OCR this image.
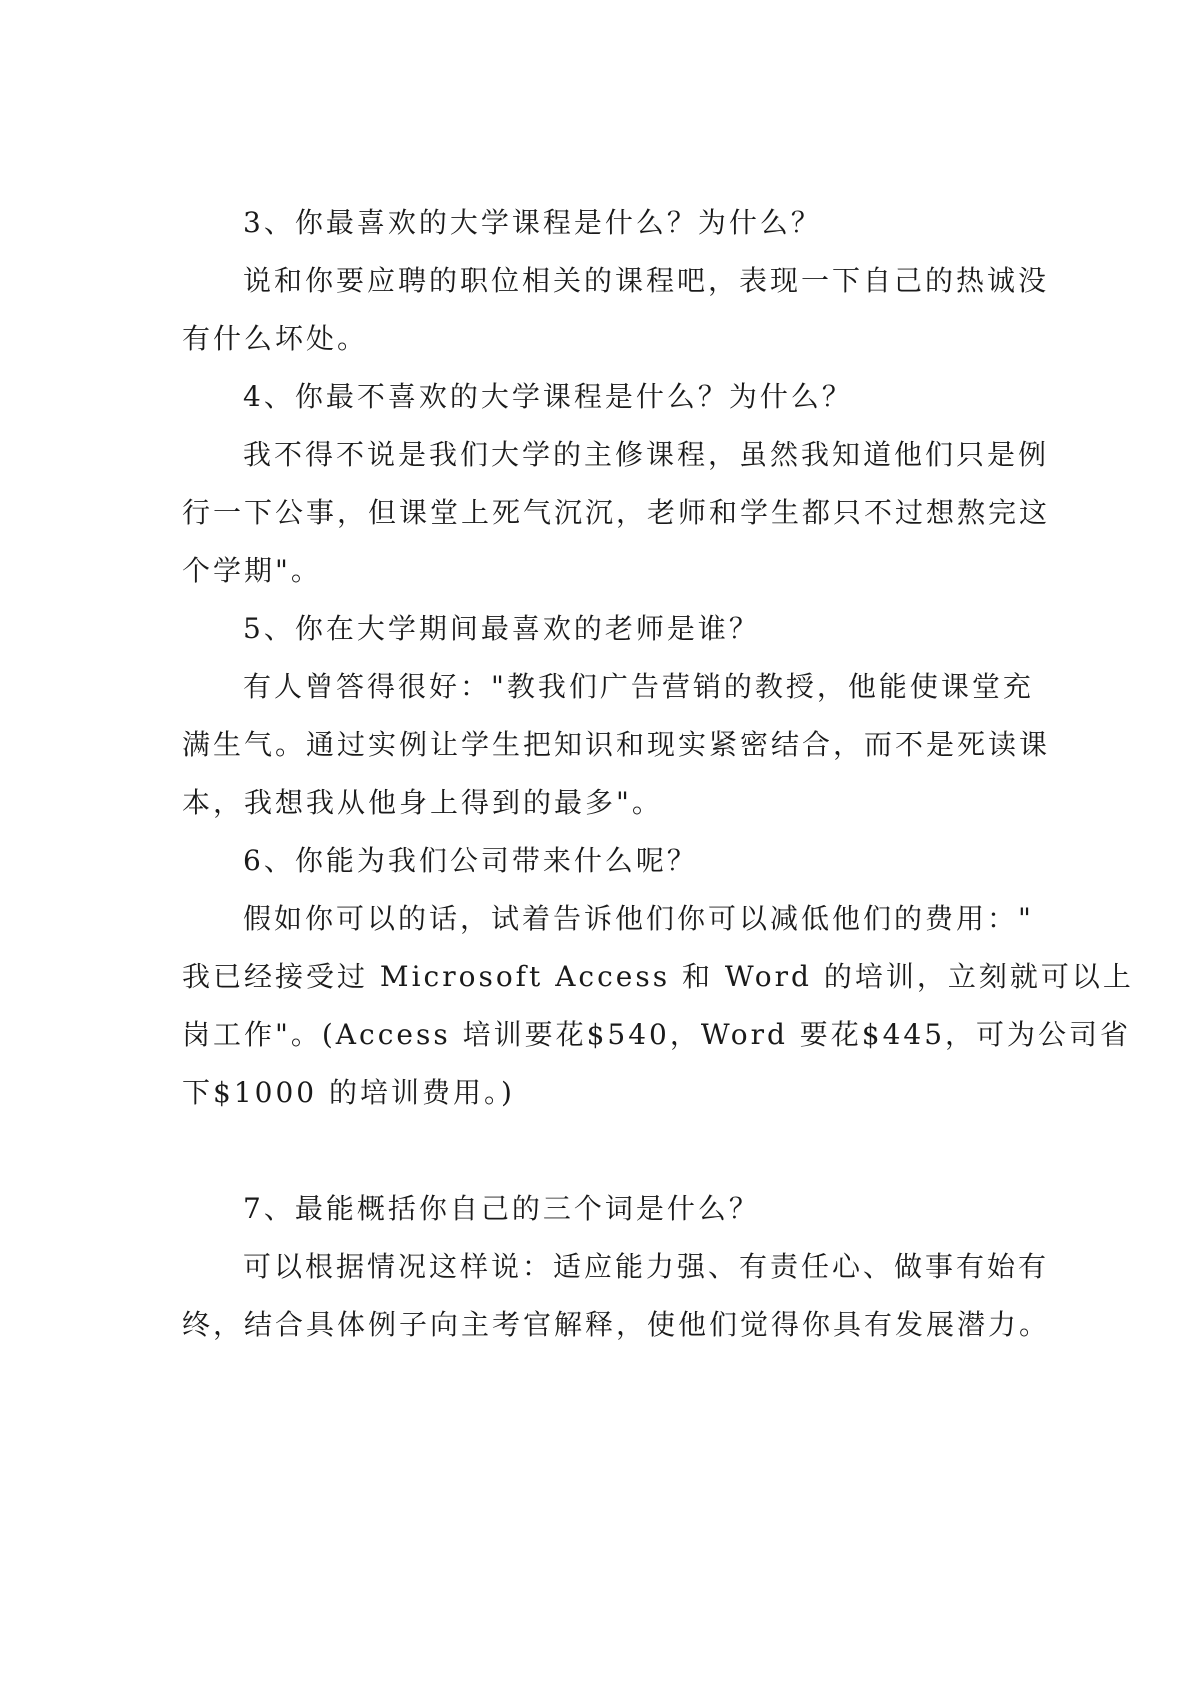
3、你最喜欢的大学课程是什么？为什么？
说和你要应聘的职位相关的课程吧，表现一下自己的热诚没
有什么坏处。
4、你最不喜欢的大学课程是什么？为什么？
我不得不说是我们大学的主修课程，虽然我知道他们只是例
行一下公事，但课堂上死气沉沉，老师和学生都只不过想熬完这
个学期"。
5、你在大学期间最喜欢的老师是谁？
有人曾答得很好："教我们广告营销的教授，他能使课堂充
满生气。通过实例让学生把知识和现实紧密结合，而不是死读课
本，我想我从他身上得到的最多"。
6、你能为我们公司带来什么呢？
假如你可以的话，试着告诉他们你可以减低他们的费用："
我已经接受过 Microsoft Access 和 Word 的培训，立刻就可以上
岗工作"。(Access 培训要花$540，Word 要花$445，可为公司省
下$1000 的培训费用。)
7、最能概括你自己的三个词是什么？
可以根据情况这样说：适应能力强、有责任心、做事有始有
终，结合具体例子向主考官解释，使他们觉得你具有发展潜力。
